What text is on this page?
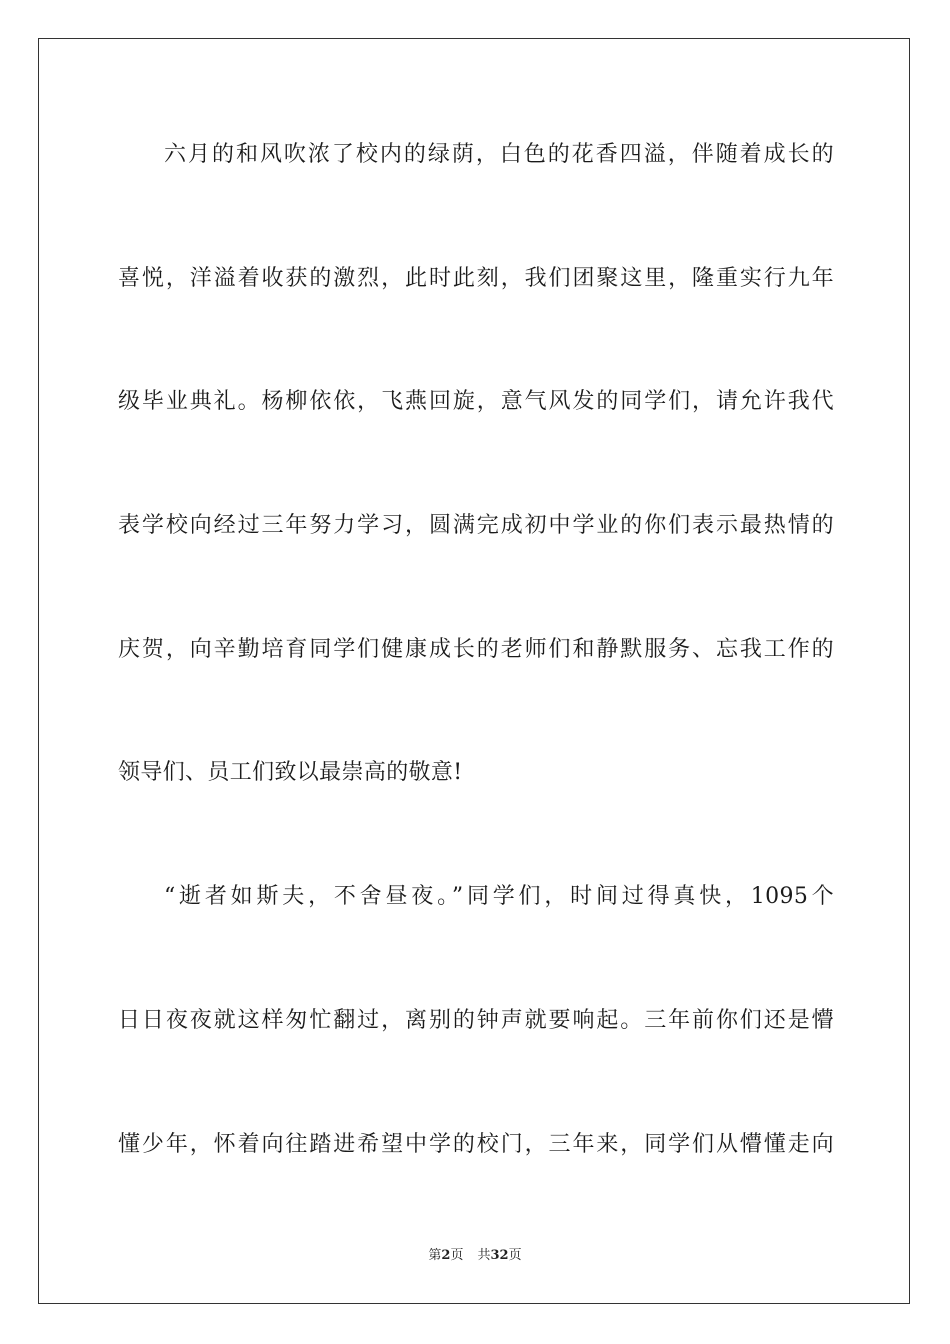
六月的和风吹浓了校内的绿荫，白色的花香四溢，伴随着成长的
喜悦，洋溢着收获的激烈，此时此刻，我们团聚这里，隆重实行九年
级毕业典礼。杨柳依依，飞燕回旋，意气风发的同学们，请允许我代
表学校向经过三年努力学习，圆满完成初中学业的你们表示最热情的
庆贺，向辛勤培育同学们健康成长的老师们和静默服务、忘我工作的
领导们、员工们致以最崇高的敬意!
“逝者如斯夫，不舍昼夜。”同学们，时间过得真快，1095个
日日夜夜就这样匆忙翻过，离别的钟声就要响起。三年前你们还是懵
懂少年，怀着向往踏进希望中学的校门，三年来，同学们从懵懂走向
第2页 共32页
